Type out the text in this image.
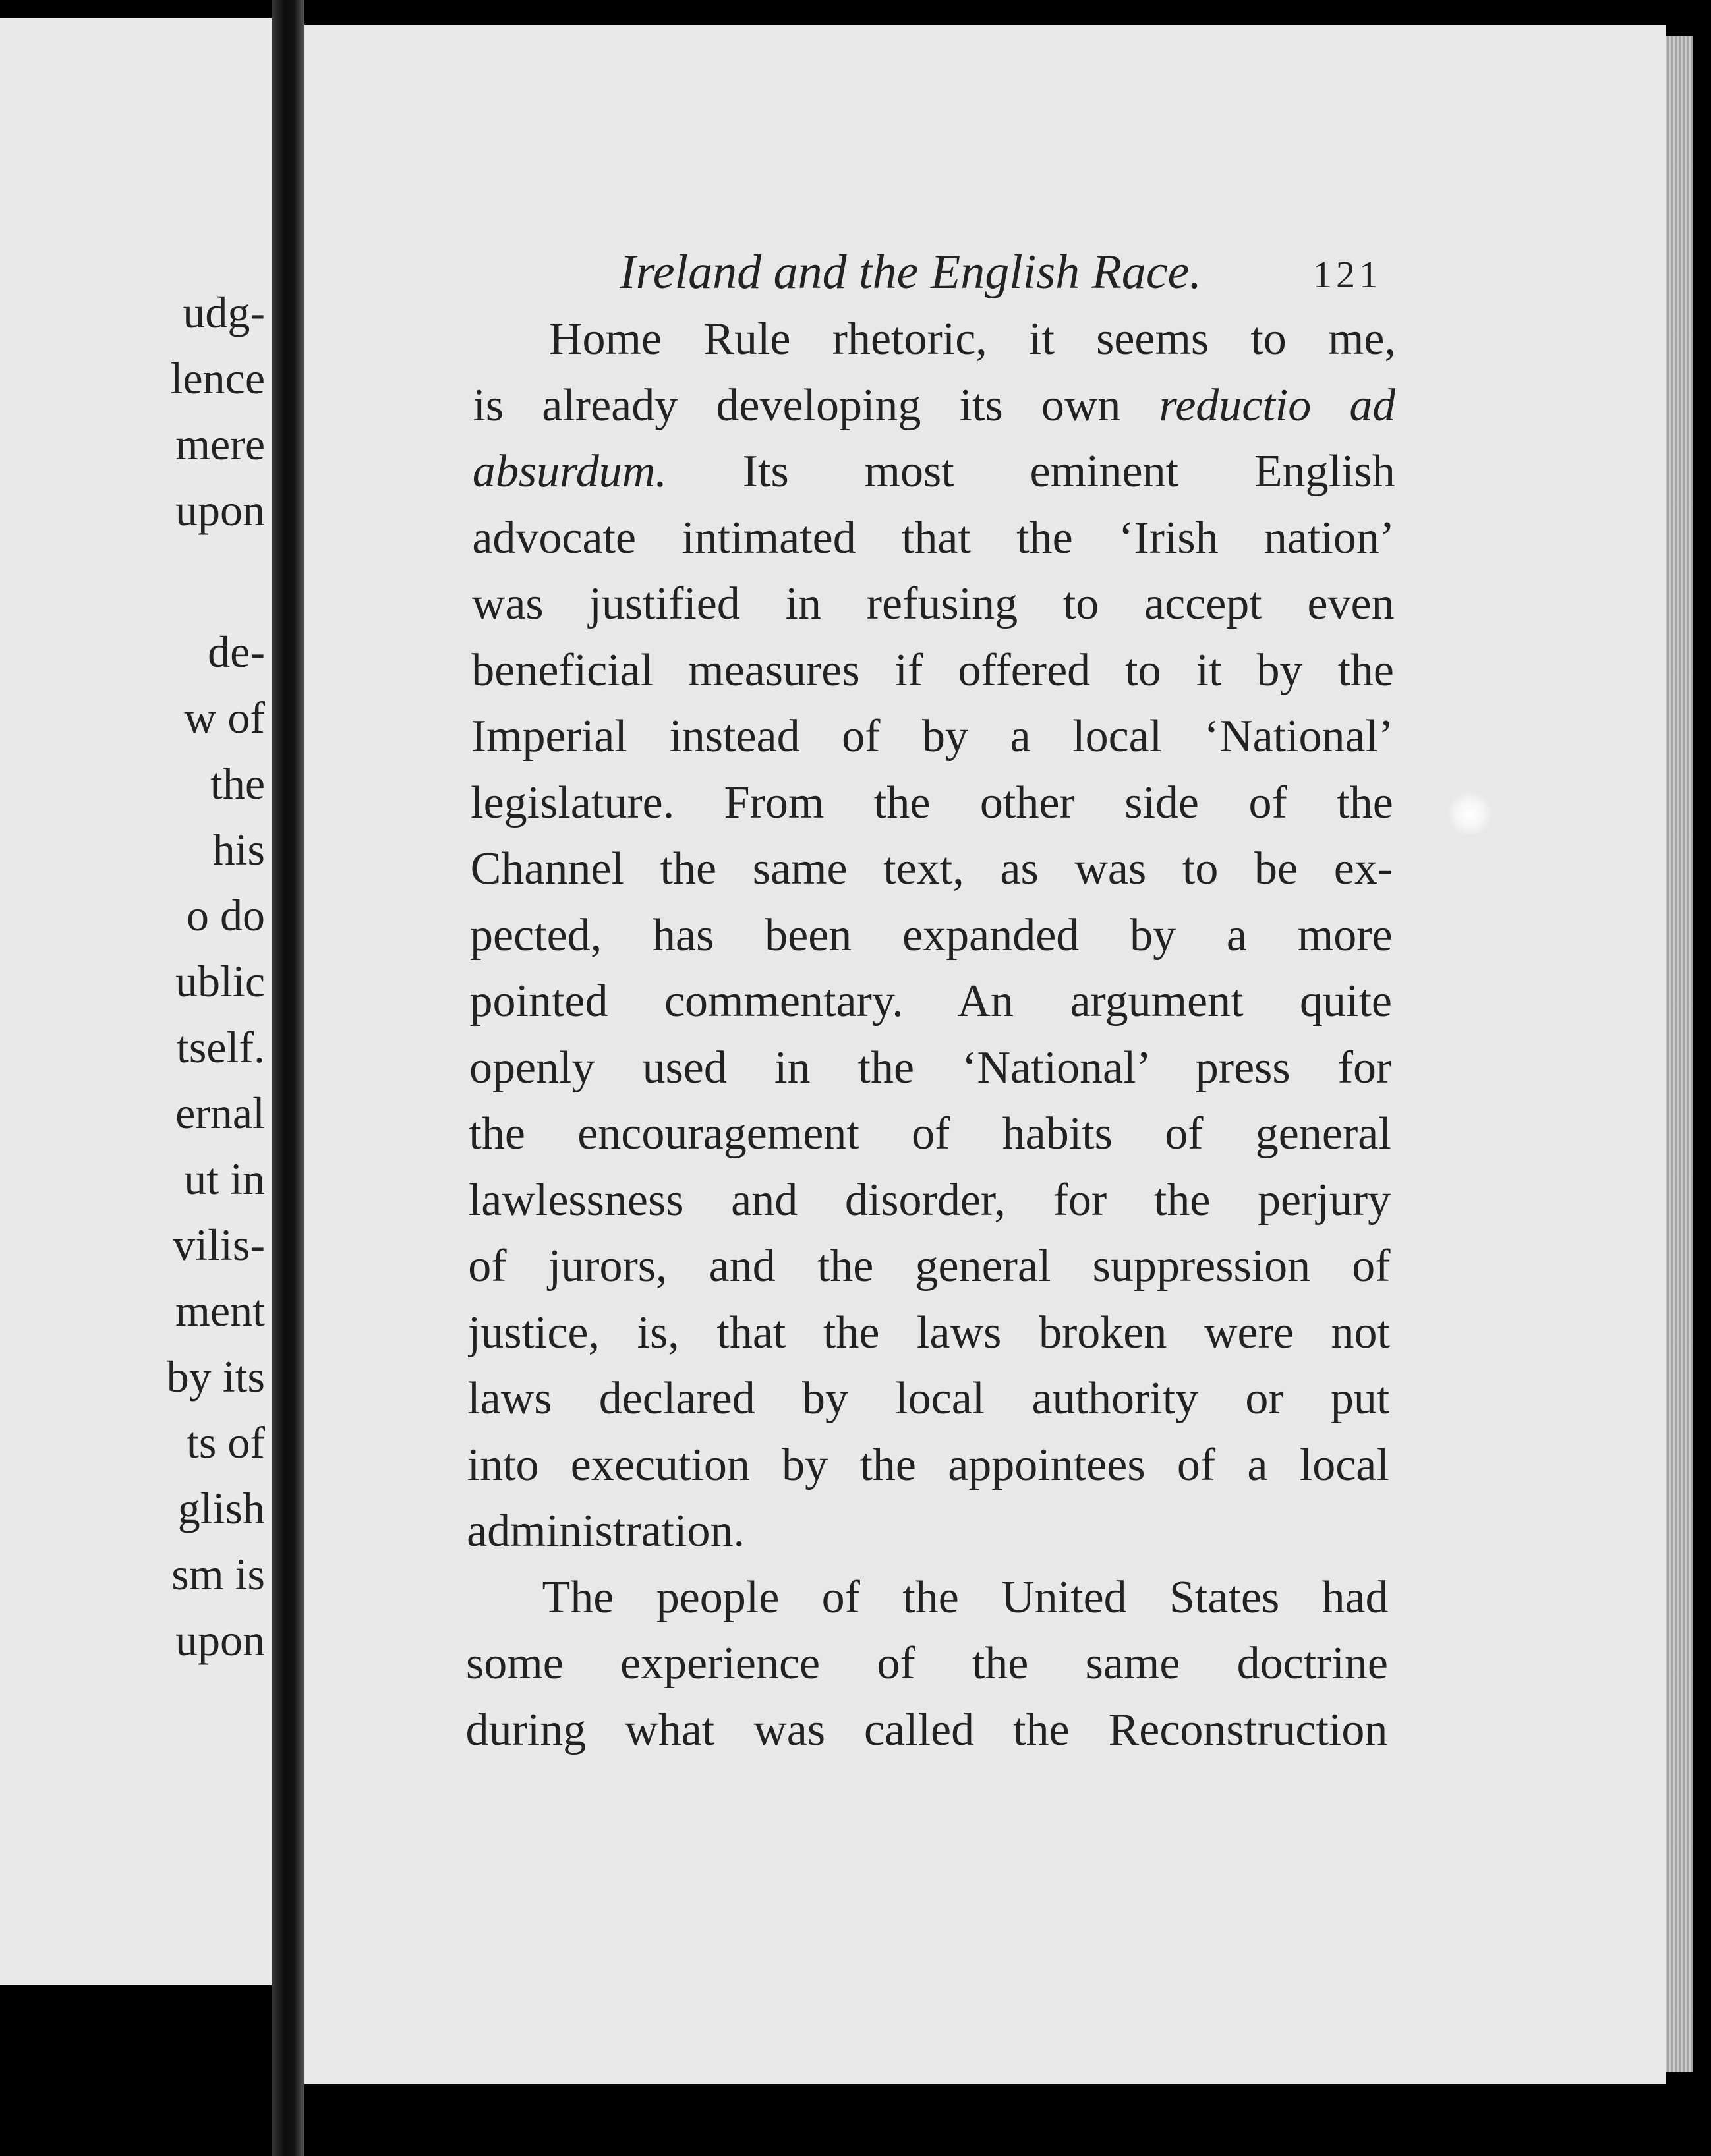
udg-
lence
mere
upon
de-
w of
the
his
o do
ublic
tself.
ernal
ut in
vilis-
ment
by its
ts of
glish
sm is
upon
Ireland and the English Race.	121
Home Rule rhetoric, it seems to me,
is already developing its own reductio ad
absurdum. Its most eminent English
advocate intimated that the ‘Irish nation’
was justified in refusing to accept even
beneficial measures if offered to it by the
Imperial instead of by a local ‘National’
legislature. From the other side of the
Channel the same text, as was to be ex-
pected, has been expanded by a more
pointed commentary. An argument quite
openly used in the ‘National’ press for
the encouragement of habits of general
lawlessness and disorder, for the perjury
of jurors, and the general suppression of
justice, is, that the laws broken were not
laws declared by local authority or put
into execution by the appointees of a local
administration.
The people of the United States had
some experience of the same doctrine
during what was called the Reconstruction
